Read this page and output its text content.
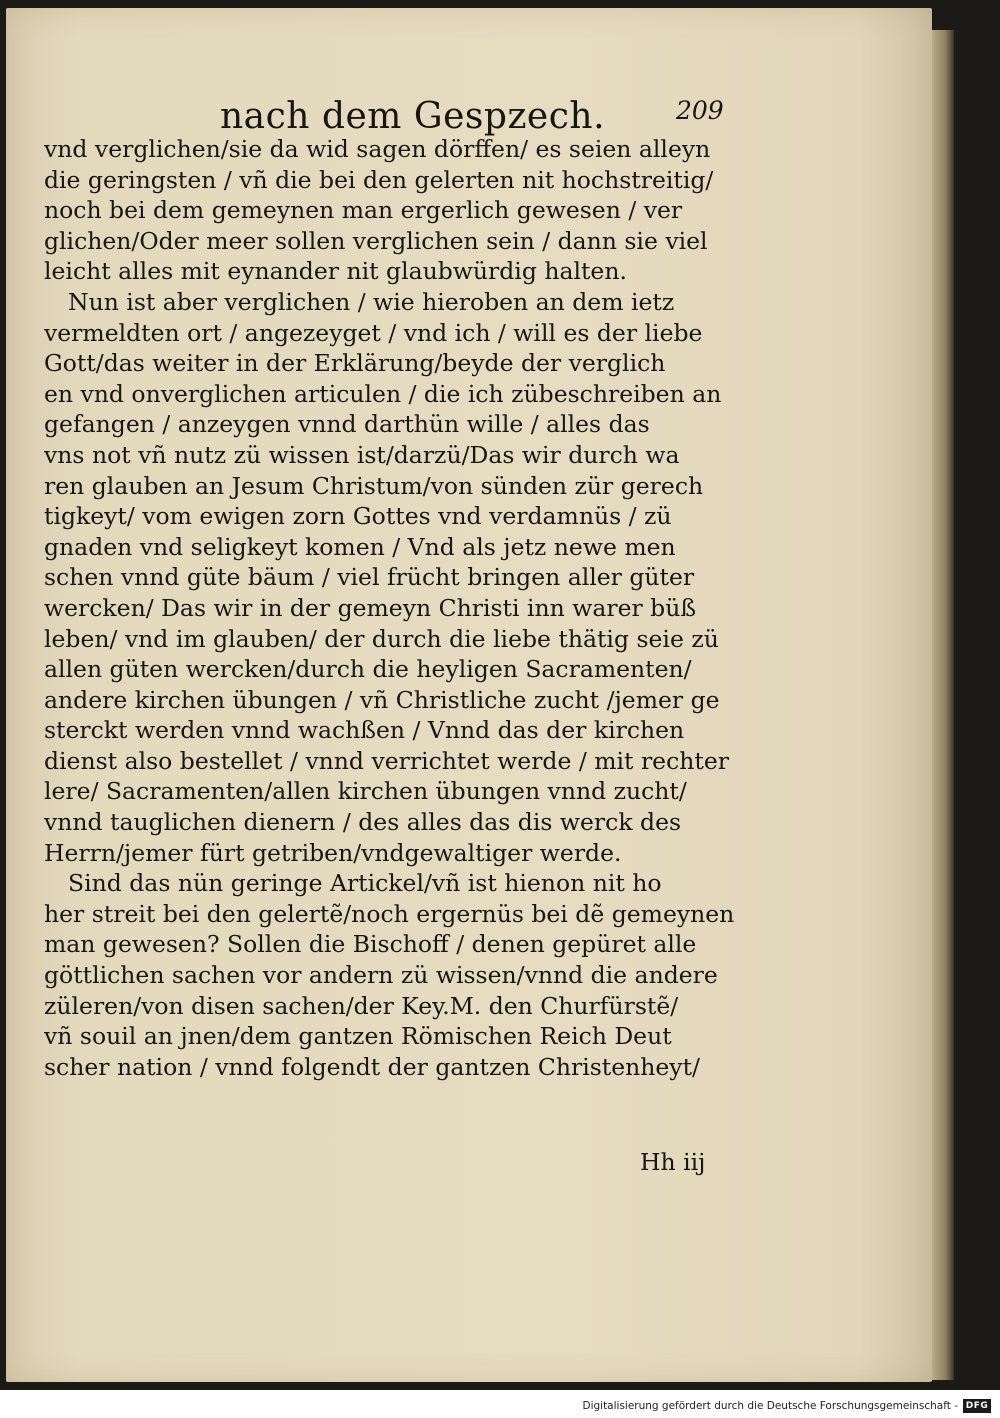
nach dem Gespzech.	209
vnd verglichen/sie da wid sagen dörffen/ es seien alleyn
die geringsten / vñ die bei den gelerten nit hochstreitig/
noch bei dem gemeynen man ergerlich gewesen / ver
glichen/Oder meer sollen verglichen sein / dann sie viel
leicht alles mit eynander nit glaubwürdig halten.
Nun ist aber verglichen / wie hieroben an dem ietz
vermeldten ort / angezeyget / vnd ich / will es der liebe
Gott/das weiter in der Erklärung/beyde der verglich
en vnd onverglichen articulen / die ich zübeschreiben an
gefangen / anzeygen vnnd darthün wille / alles das
vns not vñ nutz zü wissen ist/darzü/Das wir durch wa
ren glauben an Jesum Christum/von sünden zür gerech
tigkeyt/ vom ewigen zorn Gottes vnd verdamnüs / zü
gnaden vnd seligkeyt komen / Vnd als jetz newe men
schen vnnd güte bäum / viel frücht bringen aller güter
wercken/ Das wir in der gemeyn Christi inn warer büß
leben/ vnd im glauben/ der durch die liebe thätig seie zü
allen güten wercken/durch die heyligen Sacramenten/
andere kirchen übungen / vñ Christliche zucht /jemer ge
sterckt werden vnnd wachßen / Vnnd das der kirchen
dienst also bestellet / vnnd verrichtet werde / mit rechter
lere/ Sacramenten/allen kirchen übungen vnnd zucht/
vnnd tauglichen dienern / des alles das dis werck des
Herrn/jemer fürt getriben/vndgewaltiger werde.
Sind das nün geringe Artickel/vñ ist hienon nit ho
her streit bei den gelertẽ/noch ergernüs bei dẽ gemeynen
man gewesen? Sollen die Bischoff / denen gepüret alle
göttlichen sachen vor andern zü wissen/vnnd die andere
züleren/von disen sachen/der Key.M. den Churfürstẽ/
vñ souil an jnen/dem gantzen Römischen Reich Deut
scher nation / vnnd folgendt der gantzen Christenheyt/
Hh iij
Digitalisierung gefördert durch die Deutsche Forschungsgemeinschaft - DFG
